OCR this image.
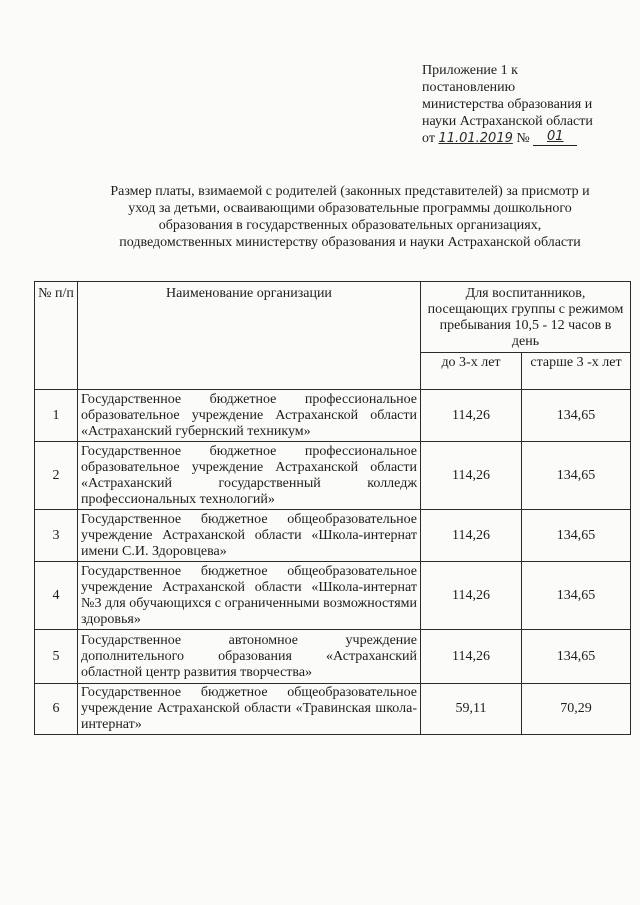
Приложение 1 к
постановлению
министерства образования и
науки Астраханской области
от 11.01.2019 № 01
Размер платы, взимаемой с родителей (законных представителей) за присмотр и
уход за детьми, осваивающими образовательные программы дошкольного
образования в государственных образовательных организациях,
подведомственных министерству образования и науки Астраханской области
№ п/п	Наименование организации	Для воспитанников, посещающих группы с режимом пребывания 10,5 - 12 часов в день	
		до 3-х лет	старше 3 -х лет
1	Государственное бюджетное профессиональное образовательное учреждение Астраханской области «Астраханский губернский техникум»	114,26	134,65
2	Государственное бюджетное профессиональное образовательное учреждение Астраханской области «Астраханский государственный колледж профессиональных технологий»	114,26	134,65
3	Государственное бюджетное общеобразовательное учреждение Астраханской области «Школа-интернат имени С.И. Здоровцева»	114,26	134,65
4	Государственное бюджетное общеобразовательное учреждение Астраханской области «Школа-интернат №3 для обучающихся с ограниченными возможностями здоровья»	114,26	134,65
5	Государственное автономное учреждение дополнительного образования «Астраханский областной центр развития творчества»	114,26	134,65
6	Государственное бюджетное общеобразовательное учреждение Астраханской области «Травинская школа-интернат»	59,11	70,29
